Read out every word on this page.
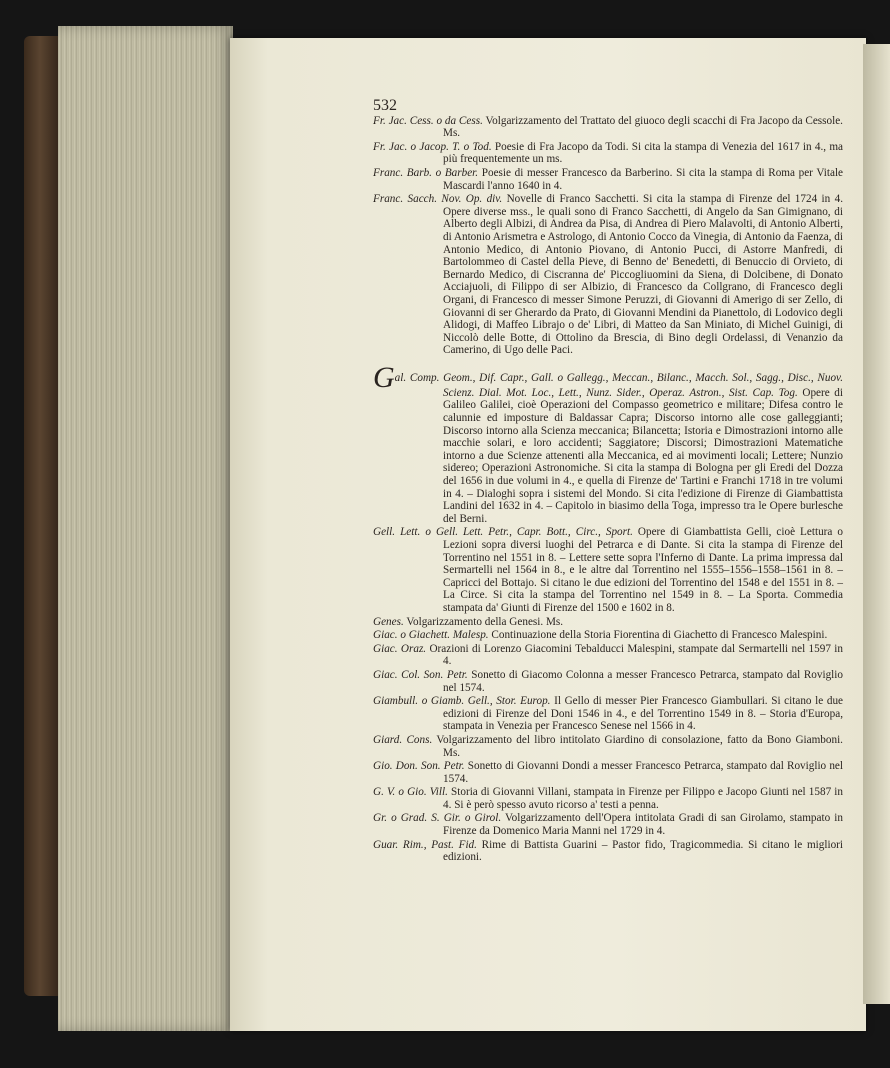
532

Fr. Jac. Cess. o da Cess. Volgarizzamento del Trattato del giuoco degli scacchi di Fra Jacopo da Cessole. Ms.

Fr. Jac. o Jacop. T. o Tod. Poesie di Fra Jacopo da Todi. Si cita la stampa di Venezia del 1617 in 4., ma più frequentemente un ms.

Franc. Barb. o Barber. Poesie di messer Francesco da Barberino. Si cita la stampa di Roma per Vitale Mascardi l'anno 1640 in 4.

Franc. Sacch. Nov. Op. div. Novelle di Franco Sacchetti. Si cita la stampa di Firenze del 1724 in 4. Opere diverse mss., le quali sono di Franco Sacchetti, di Angelo da San Gimignano, di Alberto degli Albizi, di Andrea da Pisa, di Andrea di Piero Malavolti, di Antonio Alberti, di Antonio Arismetra e Astrologo, di Antonio Cocco da Vinegia, di Antonio da Faenza, di Antonio Medico, di Antonio Piovano, di Antonio Pucci, di Astorre Manfredi, di Bartolommeo di Castel della Pieve, di Benno de' Benedetti, di Benuccio di Orvieto, di Bernardo Medico, di Ciscranna de' Piccogliuomini da Siena, di Dolcibene, di Donato Acciajuoli, di Filippo di ser Albizio, di Francesco da Collgrano, di Francesco degli Organi, di Francesco di messer Simone Peruzzi, di Giovanni di Amerigo di ser Zello, di Giovanni di ser Gherardo da Prato, di Giovanni Mendini da Pianettolo, di Lodovico degli Alidogi, di Maffeo Librajo o de' Libri, di Matteo da San Miniato, di Michel Guinigi, di Niccolò delle Botte, di Ottolino da Brescia, di Bino degli Ordelassi, di Venanzio da Camerino, di Ugo delle Paci.

Gal. Comp. Geom., Dif. Capr., Gall. o Gallegg., Meccan., Bilanc., Macch. Sol., Sagg., Disc., Nuov. Scienz. Dial. Mot. Loc., Lett., Nunz. Sider., Operaz. Astron., Sist. Cap. Tog. Opere di Galileo Galilei, cioè Operazioni del Compasso geometrico e militare; Difesa contro le calunnie ed imposture di Baldassar Capra; Discorso intorno alle cose galleggianti; Discorso intorno alla Scienza meccanica; Bilancetta; Istoria e Dimostrazioni intorno alle macchie solari, e loro accidenti; Saggiatore; Discorsi; Dimostrazioni Matematiche intorno a due Scienze attenenti alla Meccanica, ed ai movimenti locali; Lettere; Nunzio sidereo; Operazioni Astronomiche. Si cita la stampa di Bologna per gli Eredi del Dozza del 1656 in due volumi in 4., e quella di Firenze de' Tartini e Franchi 1718 in tre volumi in 4. – Dialoghi sopra i sistemi del Mondo. Si cita l'edizione di Firenze di Giambattista Landini del 1632 in 4. – Capitolo in biasimo della Toga, impresso tra le Opere burlesche del Berni.

Gell. Lett. o Gell. Lett. Petr., Capr. Bott., Circ., Sport. Opere di Giambattista Gelli, cioè Lettura o Lezioni sopra diversi luoghi del Petrarca e di Dante. Si cita la stampa di Firenze del Torrentino nel 1551 in 8. – Lettere sette sopra l'Inferno di Dante. La prima impressa dal Sermartelli nel 1564 in 8., e le altre dal Torrentino nel 1555–1556–1558–1561 in 8. – Capricci del Bottajo. Si citano le due edizioni del Torrentino del 1548 e del 1551 in 8. – La Circe. Si cita la stampa del Torrentino nel 1549 in 8. – La Sporta. Commedia stampata da' Giunti di Firenze del 1500 e 1602 in 8.

Genes. Volgarizzamento della Genesi. Ms.

Giac. o Giachett. Malesp. Continuazione della Storia Fiorentina di Giachetto di Francesco Malespini.

Giac. Oraz. Orazioni di Lorenzo Giacomini Tebalducci Malespini, stampate dal Sermartelli nel 1597 in 4.

Giac. Col. Son. Petr. Sonetto di Giacomo Colonna a messer Francesco Petrarca, stampato dal Roviglio nel 1574.

Giambull. o Giamb. Gell., Stor. Europ. Il Gello di messer Pier Francesco Giambullari. Si citano le due edizioni di Firenze del Doni 1546 in 4., e del Torrentino 1549 in 8. – Storia d'Europa, stampata in Venezia per Francesco Senese nel 1566 in 4.

Giard. Cons. Volgarizzamento del libro intitolato Giardino di consolazione, fatto da Bono Giamboni. Ms.

Gio. Don. Son. Petr. Sonetto di Giovanni Dondi a messer Francesco Petrarca, stampato dal Roviglio nel 1574.

G. V. o Gio. Vill. Storia di Giovanni Villani, stampata in Firenze per Filippo e Jacopo Giunti nel 1587 in 4. Si è però spesso avuto ricorso a' testi a penna.

Gr. o Grad. S. Gir. o Girol. Volgarizzamento dell'Opera intitolata Gradi di san Girolamo, stampato in Firenze da Domenico Maria Manni nel 1729 in 4.

Guar. Rim., Past. Fid. Rime di Battista Guarini – Pastor fido, Tragicommedia. Si citano le migliori edizioni.
